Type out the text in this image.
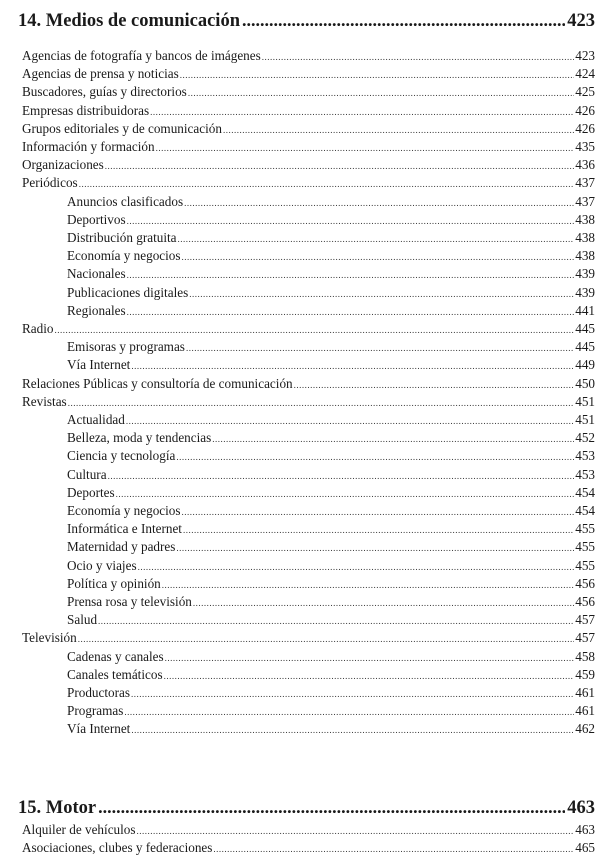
14. Medios de comunicación .....	423
Agencias de fotografía y bancos de imágenes .....	423
Agencias de prensa y noticias .....	424
Buscadores, guías y directorios .....	425
Empresas distribuidoras .....	426
Grupos editoriales y de comunicación .....	426
Información y formación .....	435
Organizaciones .....	436
Periódicos .....	437
Anuncios clasificados .....	437
Deportivos .....	438
Distribución gratuita .....	438
Economía y negocios .....	438
Nacionales .....	439
Publicaciones digitales .....	439
Regionales .....	441
Radio .....	445
Emisoras y programas .....	445
Vía Internet .....	449
Relaciones Públicas y consultoría de comunicación .....	450
Revistas .....	451
Actualidad .....	451
Belleza, moda y tendencias .....	452
Ciencia y tecnología .....	453
Cultura .....	453
Deportes .....	454
Economía y negocios .....	454
Informática e Internet .....	455
Maternidad y padres .....	455
Ocio y viajes .....	455
Política y opinión .....	456
Prensa rosa y televisión .....	456
Salud .....	457
Televisión .....	457
Cadenas y canales .....	458
Canales temáticos .....	459
Productoras .....	461
Programas .....	461
Vía Internet .....	462
15. Motor .....	463
Alquiler de vehículos .....	463
Asociaciones, clubes y federaciones .....	465
